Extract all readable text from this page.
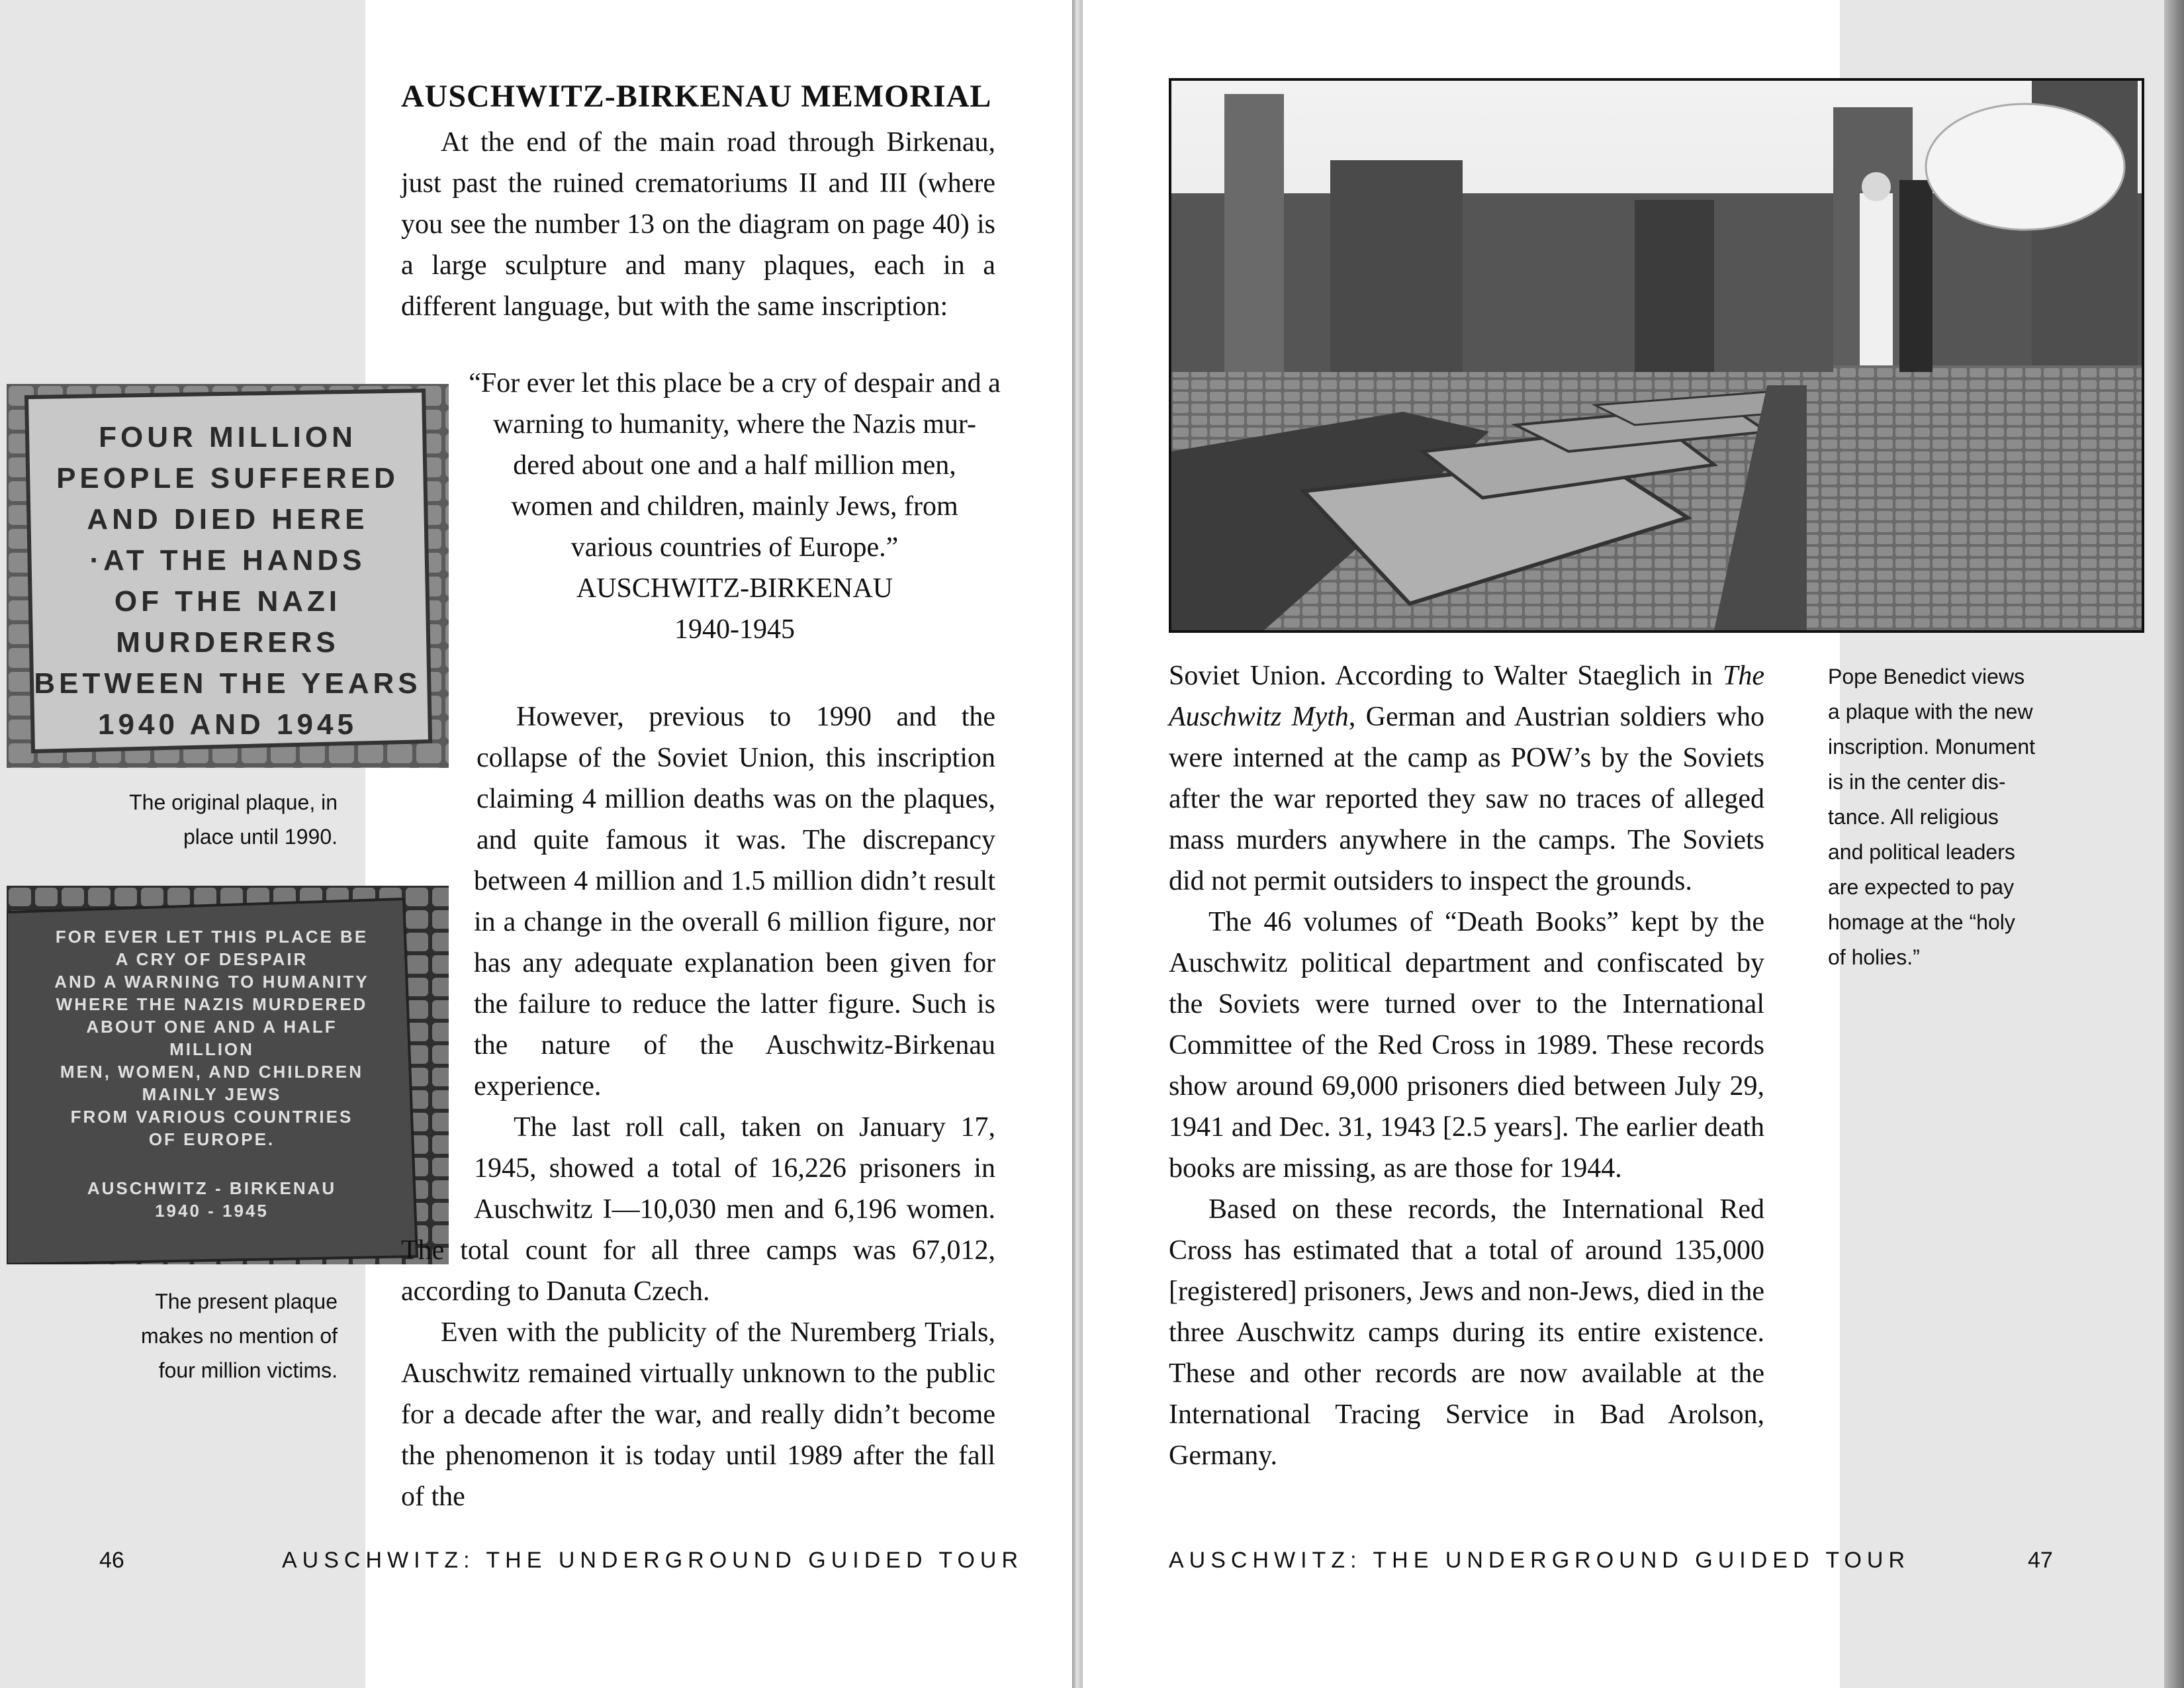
AUSCHWITZ-BIRKENAU MEMORIAL

At the end of the main road through Birkenau, just past the ruined crematoriums II and III (where you see the number 13 on the diagram on page 40) is a large sculpture and many plaques, each in a different language, but with the same inscription:

“For ever let this place be a cry of despair and a
warning to humanity, where the Nazis mur-
dered about one and a half million men,
women and children, mainly Jews, from
various countries of Europe.”
AUSCHWITZ-BIRKENAU
1940-1945
FOUR MILLION
PEOPLE SUFFERED
AND DIED HERE
·AT THE HANDS
OF THE NAZI
MURDERERS
BETWEEN THE YEARS
1940 AND 1945
The original plaque, in
place until 1990.
FOR EVER LET THIS PLACE BE
A CRY OF DESPAIR
AND A WARNING TO HUMANITY
WHERE THE NAZIS MURDERED
ABOUT ONE AND A HALF
MILLION
MEN, WOMEN, AND CHILDREN
MAINLY JEWS
FROM VARIOUS COUNTRIES
OF EUROPE.
AUSCHWITZ - BIRKENAU
1940 - 1945
The present plaque
makes no mention of
four million victims.

However, previous to 1990 and the collapse of the Soviet Union, this inscription claiming 4 million deaths was on the plaques, and quite famous it was. The discrepancy between 4 million and 1.5 million didn’t result in a change in the overall 6 million figure, nor has any adequate explanation been given for the failure to reduce the latter figure. Such is the nature of the Auschwitz-Birkenau experience.

The last roll call, taken on January 17, 1945, showed a total of 16,226 prisoners in Auschwitz I—10,030 men and 6,196 women. The total count for all three camps was 67,012, according to Danuta Czech.

Even with the publicity of the Nuremberg Trials, Auschwitz remained virtually unknown to the public for a decade after the war, and really didn’t become the phenomenon it is today until 1989 after the fall of the

46	AUSCHWITZ: THE UNDERGROUND GUIDED TOUR

Soviet Union. According to Walter Staeglich in The Auschwitz Myth, German and Austrian soldiers who were interned at the camp as POW’s by the Soviets after the war reported they saw no traces of alleged mass murders anywhere in the camps. The Soviets did not permit outsiders to inspect the grounds.

The 46 volumes of “Death Books” kept by the Auschwitz political department and confiscated by the Soviets were turned over to the International Committee of the Red Cross in 1989. These records show around 69,000 prisoners died between July 29, 1941 and Dec. 31, 1943 [2.5 years]. The earlier death books are missing, as are those for 1944.

Based on these records, the International Red Cross has estimated that a total of around 135,000 [registered] prisoners, Jews and non-Jews, died in the three Auschwitz camps during its entire existence. These and other records are now available at the International Tracing Service in Bad Arolson, Germany.

Pope Benedict views
a plaque with the new
inscription. Monument
is in the center dis-
tance. All religious
and political leaders
are expected to pay
homage at the “holy
of holies.”
AUSCHWITZ: THE UNDERGROUND GUIDED TOUR	47
